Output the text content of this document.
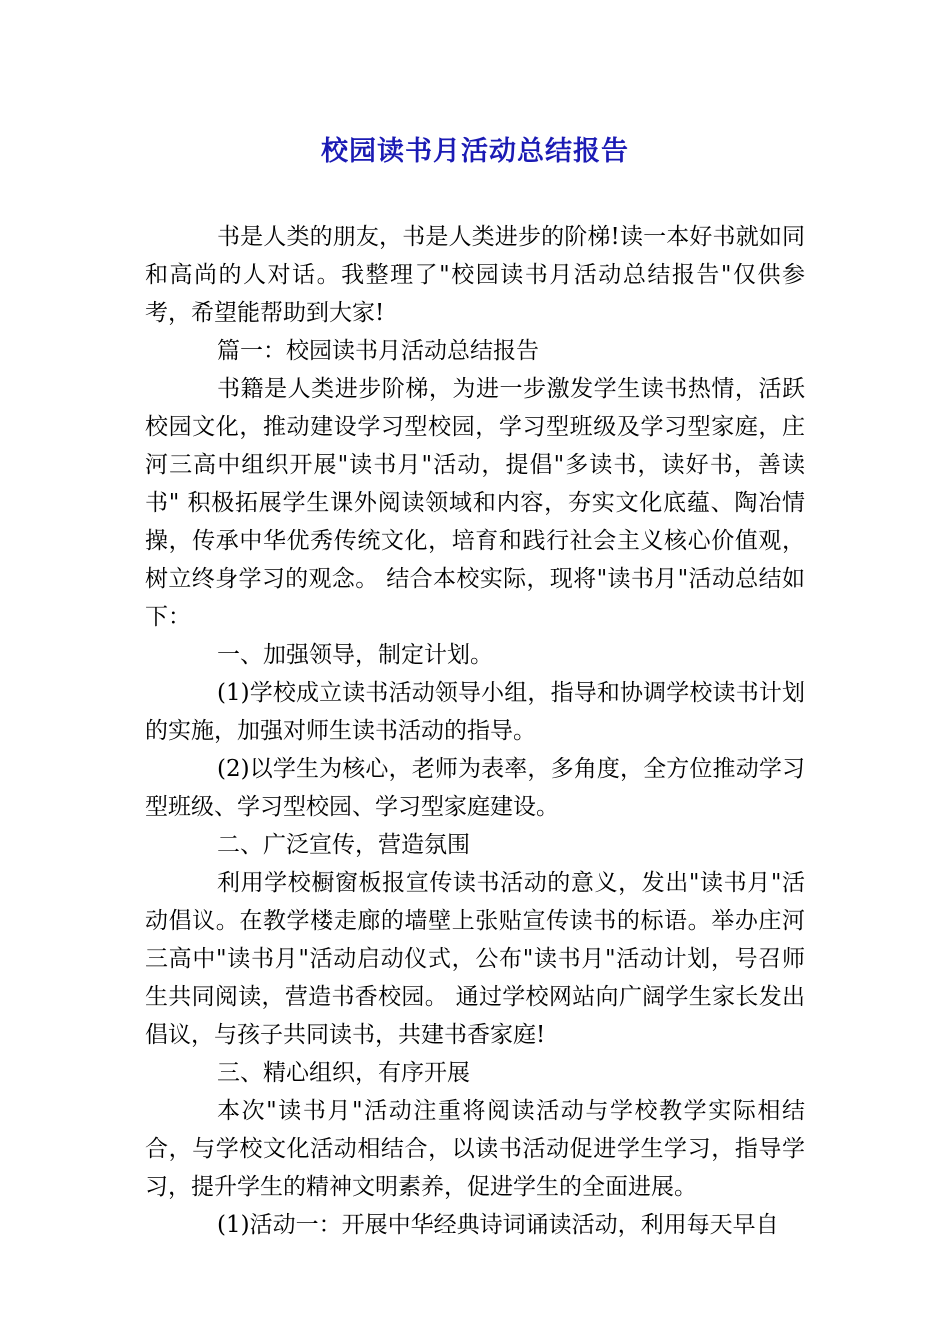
校园读书月活动总结报告

书是人类的朋友，书是人类进步的阶梯!读一本好书就如同和高尚的人对话。我整理了"校园读书月活动总结报告"仅供参考，希望能帮助到大家!

篇一：校园读书月活动总结报告

书籍是人类进步阶梯，为进一步激发学生读书热情，活跃校园文化，推动建设学习型校园，学习型班级及学习型家庭，庄河三高中组织开展"读书月"活动，提倡"多读书，读好书，善读书" 积极拓展学生课外阅读领域和内容，夯实文化底蕴、陶冶情操，传承中华优秀传统文化，培育和践行社会主义核心价值观，树立终身学习的观念。 结合本校实际，现将"读书月"活动总结如下：

一、加强领导，制定计划。

(1)学校成立读书活动领导小组，指导和协调学校读书计划的实施，加强对师生读书活动的指导。

(2)以学生为核心，老师为表率，多角度，全方位推动学习型班级、学习型校园、学习型家庭建设。

二、广泛宣传，营造氛围

利用学校橱窗板报宣传读书活动的意义，发出"读书月"活动倡议。在教学楼走廊的墙壁上张贴宣传读书的标语。举办庄河三高中"读书月"活动启动仪式，公布"读书月"活动计划，号召师生共同阅读，营造书香校园。 通过学校网站向广阔学生家长发出倡议，与孩子共同读书，共建书香家庭!

三、精心组织，有序开展

本次"读书月"活动注重将阅读活动与学校教学实际相结合，与学校文化活动相结合，以读书活动促进学生学习，指导学习，提升学生的精神文明素养，促进学生的全面进展。

(1)活动一：开展中华经典诗词诵读活动，利用每天早自
